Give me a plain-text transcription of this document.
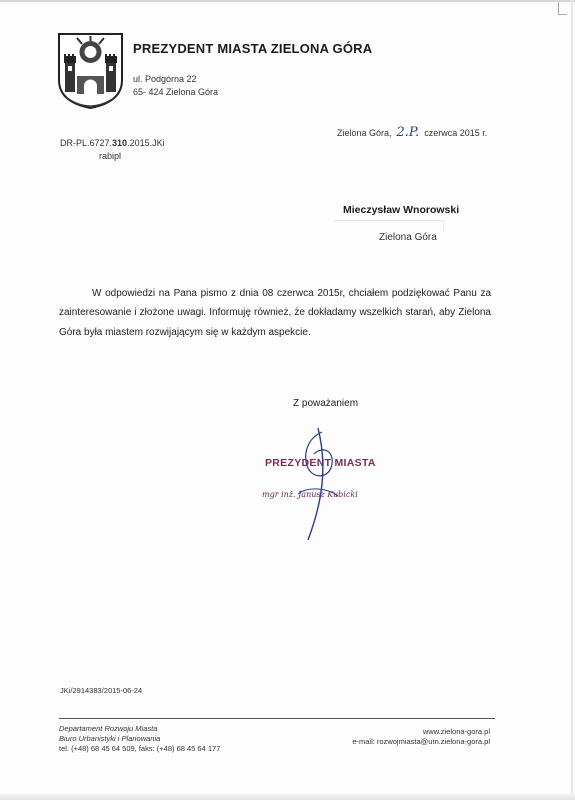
PREZYDENT MIASTA ZIELONA GÓRA
ul. Podgórna 22
65- 424 Zielona Góra
DR-PL.6727.310.2015.JKi
rabipl
Zielona Góra, 2.P. czerwca 2015 r.
Mieczysław Wnorowski
Zielona Góra
W odpowiedzi na Pana pismo z dnia 08 czerwca 2015r, chciałem podziękować Panu za zainteresowanie i złożone uwagi. Informuję również, że dokładamy wszelkich starań, aby Zielona Góra była miastem rozwijającym się w każdym aspekcie.
Z poważaniem
PREZYDENT MIASTA
mgr inż. Janusz Kubicki
JKi/2914383/2015-06-24
Departament Rozwoju Miasta
Biuro Urbanistyki i Planowania
tel. (+48) 68 45 64 509, faks: (+48) 68 45 64 177
www.zielona-gora.pl
e-mail: rozwojmiasta@um.zielona-gora.pl
